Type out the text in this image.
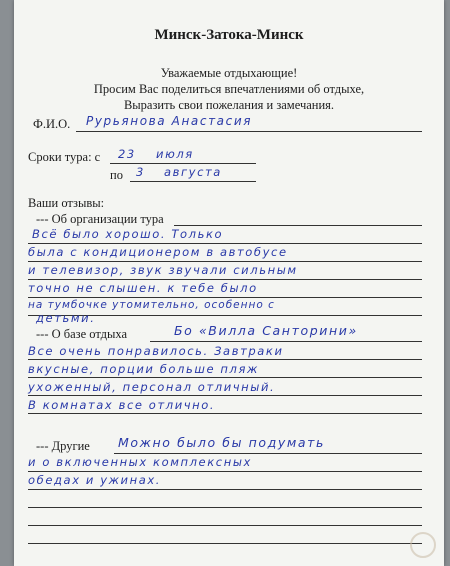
Минск-Затока-Минск
Уважаемые отдыхающие!
Просим Вас поделиться впечатлениями об отдыхе,
Выразить свои пожелания и замечания.
Ф.И.О. Рурьянова Анастасия
Сроки тура: с 23 июля
по 3 августа
Ваши отзывы:
--- Об организации тура
Всё было хорошо. Только
была с кондиционером в автобусе
и телевизор, звук звучали сильным
точно не слышен. к тебе было
на тумбочке утомительно, особенно с
детьми.
--- О базе отдыха	Бо «Вилла Санторини»
Все очень понравилось. Завтраки
вкусные, порции больше пляж
ухоженный, персонал отличный.
В комнатах все отлично.
--- Другие Можно было бы подумать
и о включенных комплексных
обедах и ужинах.
